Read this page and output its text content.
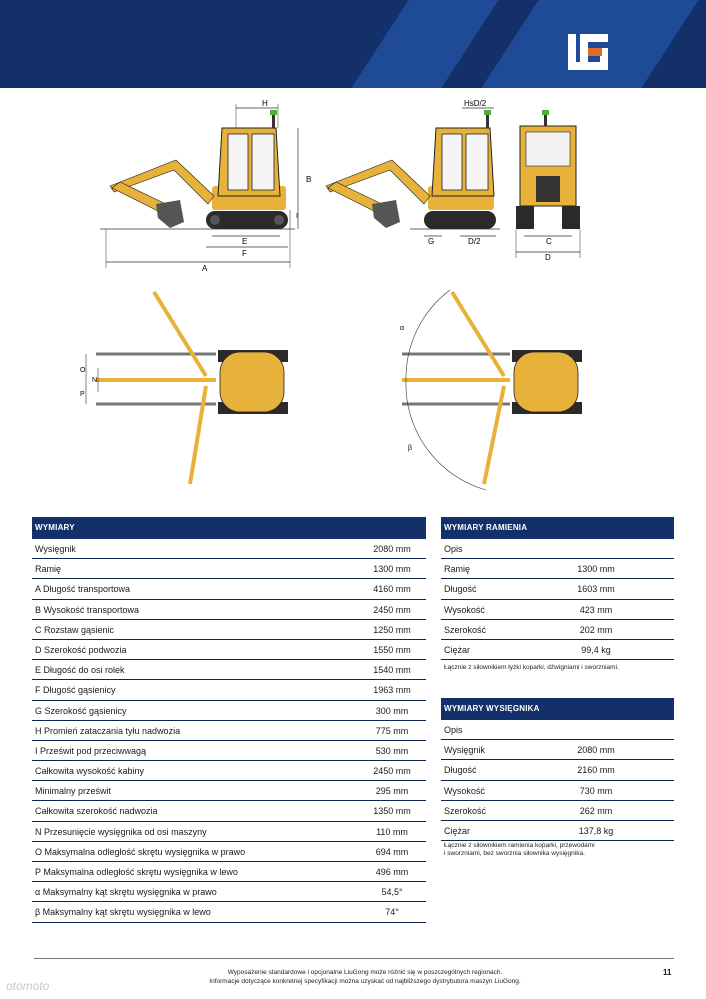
H
B
I
E
F
A
HsD/2
G	D/2	C
D
O
N
P
α
β
WYMIARY
Wysięgnik	2080 mm
Ramię	1300 mm
A Długość transportowa	4160 mm
B Wysokość transportowa	2450 mm
C Rozstaw gąsienic	1250 mm
D Szerokość podwozia	1550 mm
E Długość do osi rolek	1540 mm
F Długość gąsienicy	1963 mm
G Szerokość gąsienicy	300 mm
H Promień zataczania tyłu nadwozia	775 mm
I Prześwit pod przeciwwagą	530 mm
Całkowita wysokość kabiny	2450 mm
Minimalny prześwit	295 mm
Całkowita szerokość nadwozia	1350 mm
N Przesunięcie wysięgnika od osi maszyny	110 mm
O Maksymalna odległość skrętu wysięgnika w prawo	694 mm
P Maksymalna odległość skrętu wysięgnika w lewo	496 mm
α Maksymalny kąt skrętu wysięgnika w prawo	54,5°
β Maksymalny kąt skrętu wysięgnika w lewo	74°
WYMIARY RAMIENIA
Opis
Ramię	1300 mm
Długość	1603 mm
Wysokość	423 mm
Szerokość	202 mm
Ciężar	99,4 kg
Łącznie z siłownikiem łyżki koparki, dźwigniami i sworzniami.
WYMIARY WYSIĘGNIKA
Opis
Wysięgnik	2080 mm
Długość	2160 mm
Wysokość	730 mm
Szerokość	262 mm
Ciężar	137,8 kg
Łącznie z siłownikiem ramienia koparki, przewodami
i sworzniami, bez sworznia siłownika wysięgnika.
Wyposażenie standardowe i opcjonalne LiuGong może różnić się w poszczególnych regionach.
Informacje dotyczące konkretnej specyfikacji można uzyskać od najbliższego dystrybutora maszyn LiuGong.
11
otomoto
